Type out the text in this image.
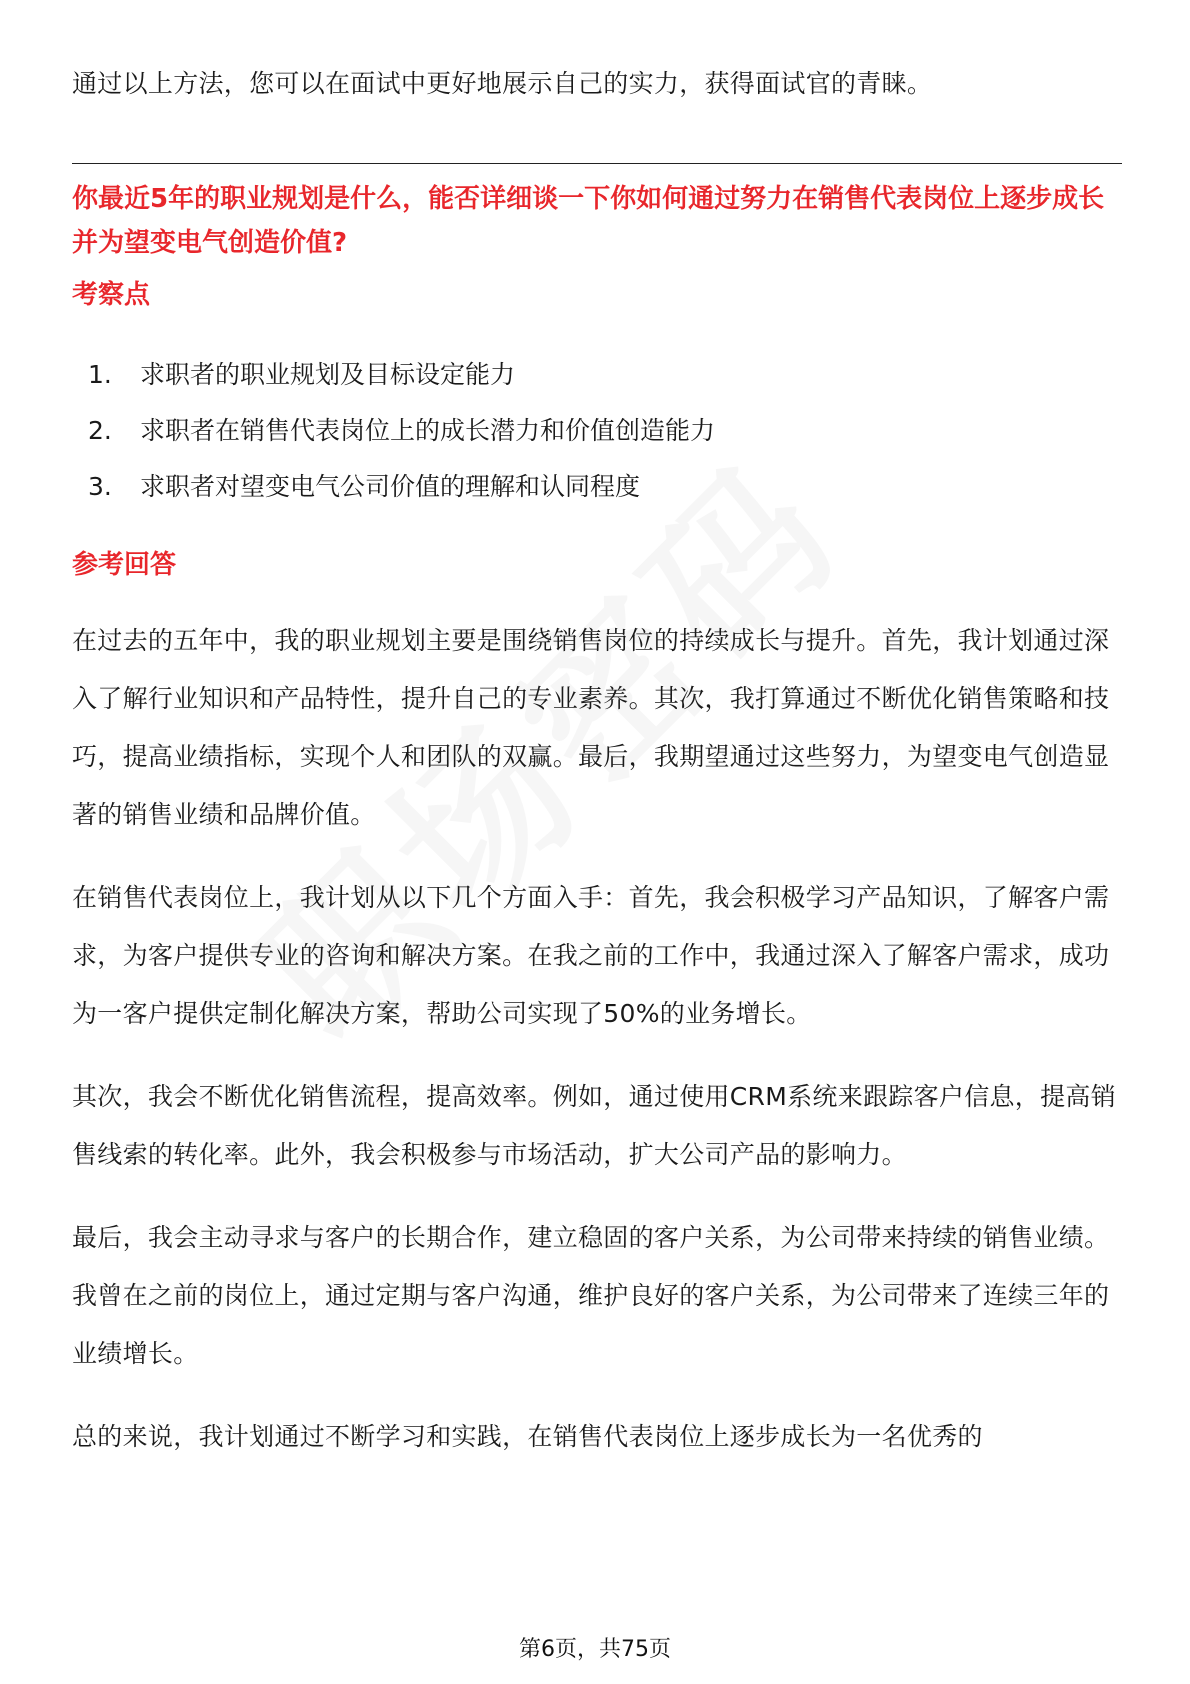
通过以上方法，您可以在面试中更好地展示自己的实力，获得面试官的青睐。

你最近5年的职业规划是什么，能否详细谈一下你如何通过努力在销售代表岗位上逐步成长并为望变电气创造价值?

考察点

1.	求职者的职业规划及目标设定能力
2.	求职者在销售代表岗位上的成长潜力和价值创造能力
3.	求职者对望变电气公司价值的理解和认同程度

参考回答

在过去的五年中，我的职业规划主要是围绕销售岗位的持续成长与提升。首先，我计划通过深入了解行业知识和产品特性，提升自己的专业素养。其次，我打算通过不断优化销售策略和技巧，提高业绩指标，实现个人和团队的双赢。最后，我期望通过这些努力，为望变电气创造显著的销售业绩和品牌价值。

在销售代表岗位上，我计划从以下几个方面入手：首先，我会积极学习产品知识，了解客户需求，为客户提供专业的咨询和解决方案。在我之前的工作中，我通过深入了解客户需求，成功为一客户提供定制化解决方案，帮助公司实现了50%的业务增长。

其次，我会不断优化销售流程，提高效率。例如，通过使用CRM系统来跟踪客户信息，提高销售线索的转化率。此外，我会积极参与市场活动，扩大公司产品的影响力。

最后，我会主动寻求与客户的长期合作，建立稳固的客户关系，为公司带来持续的销售业绩。我曾在之前的岗位上，通过定期与客户沟通，维护良好的客户关系，为公司带来了连续三年的业绩增长。

总的来说，我计划通过不断学习和实践，在销售代表岗位上逐步成长为一名优秀的

第6页，共75页
